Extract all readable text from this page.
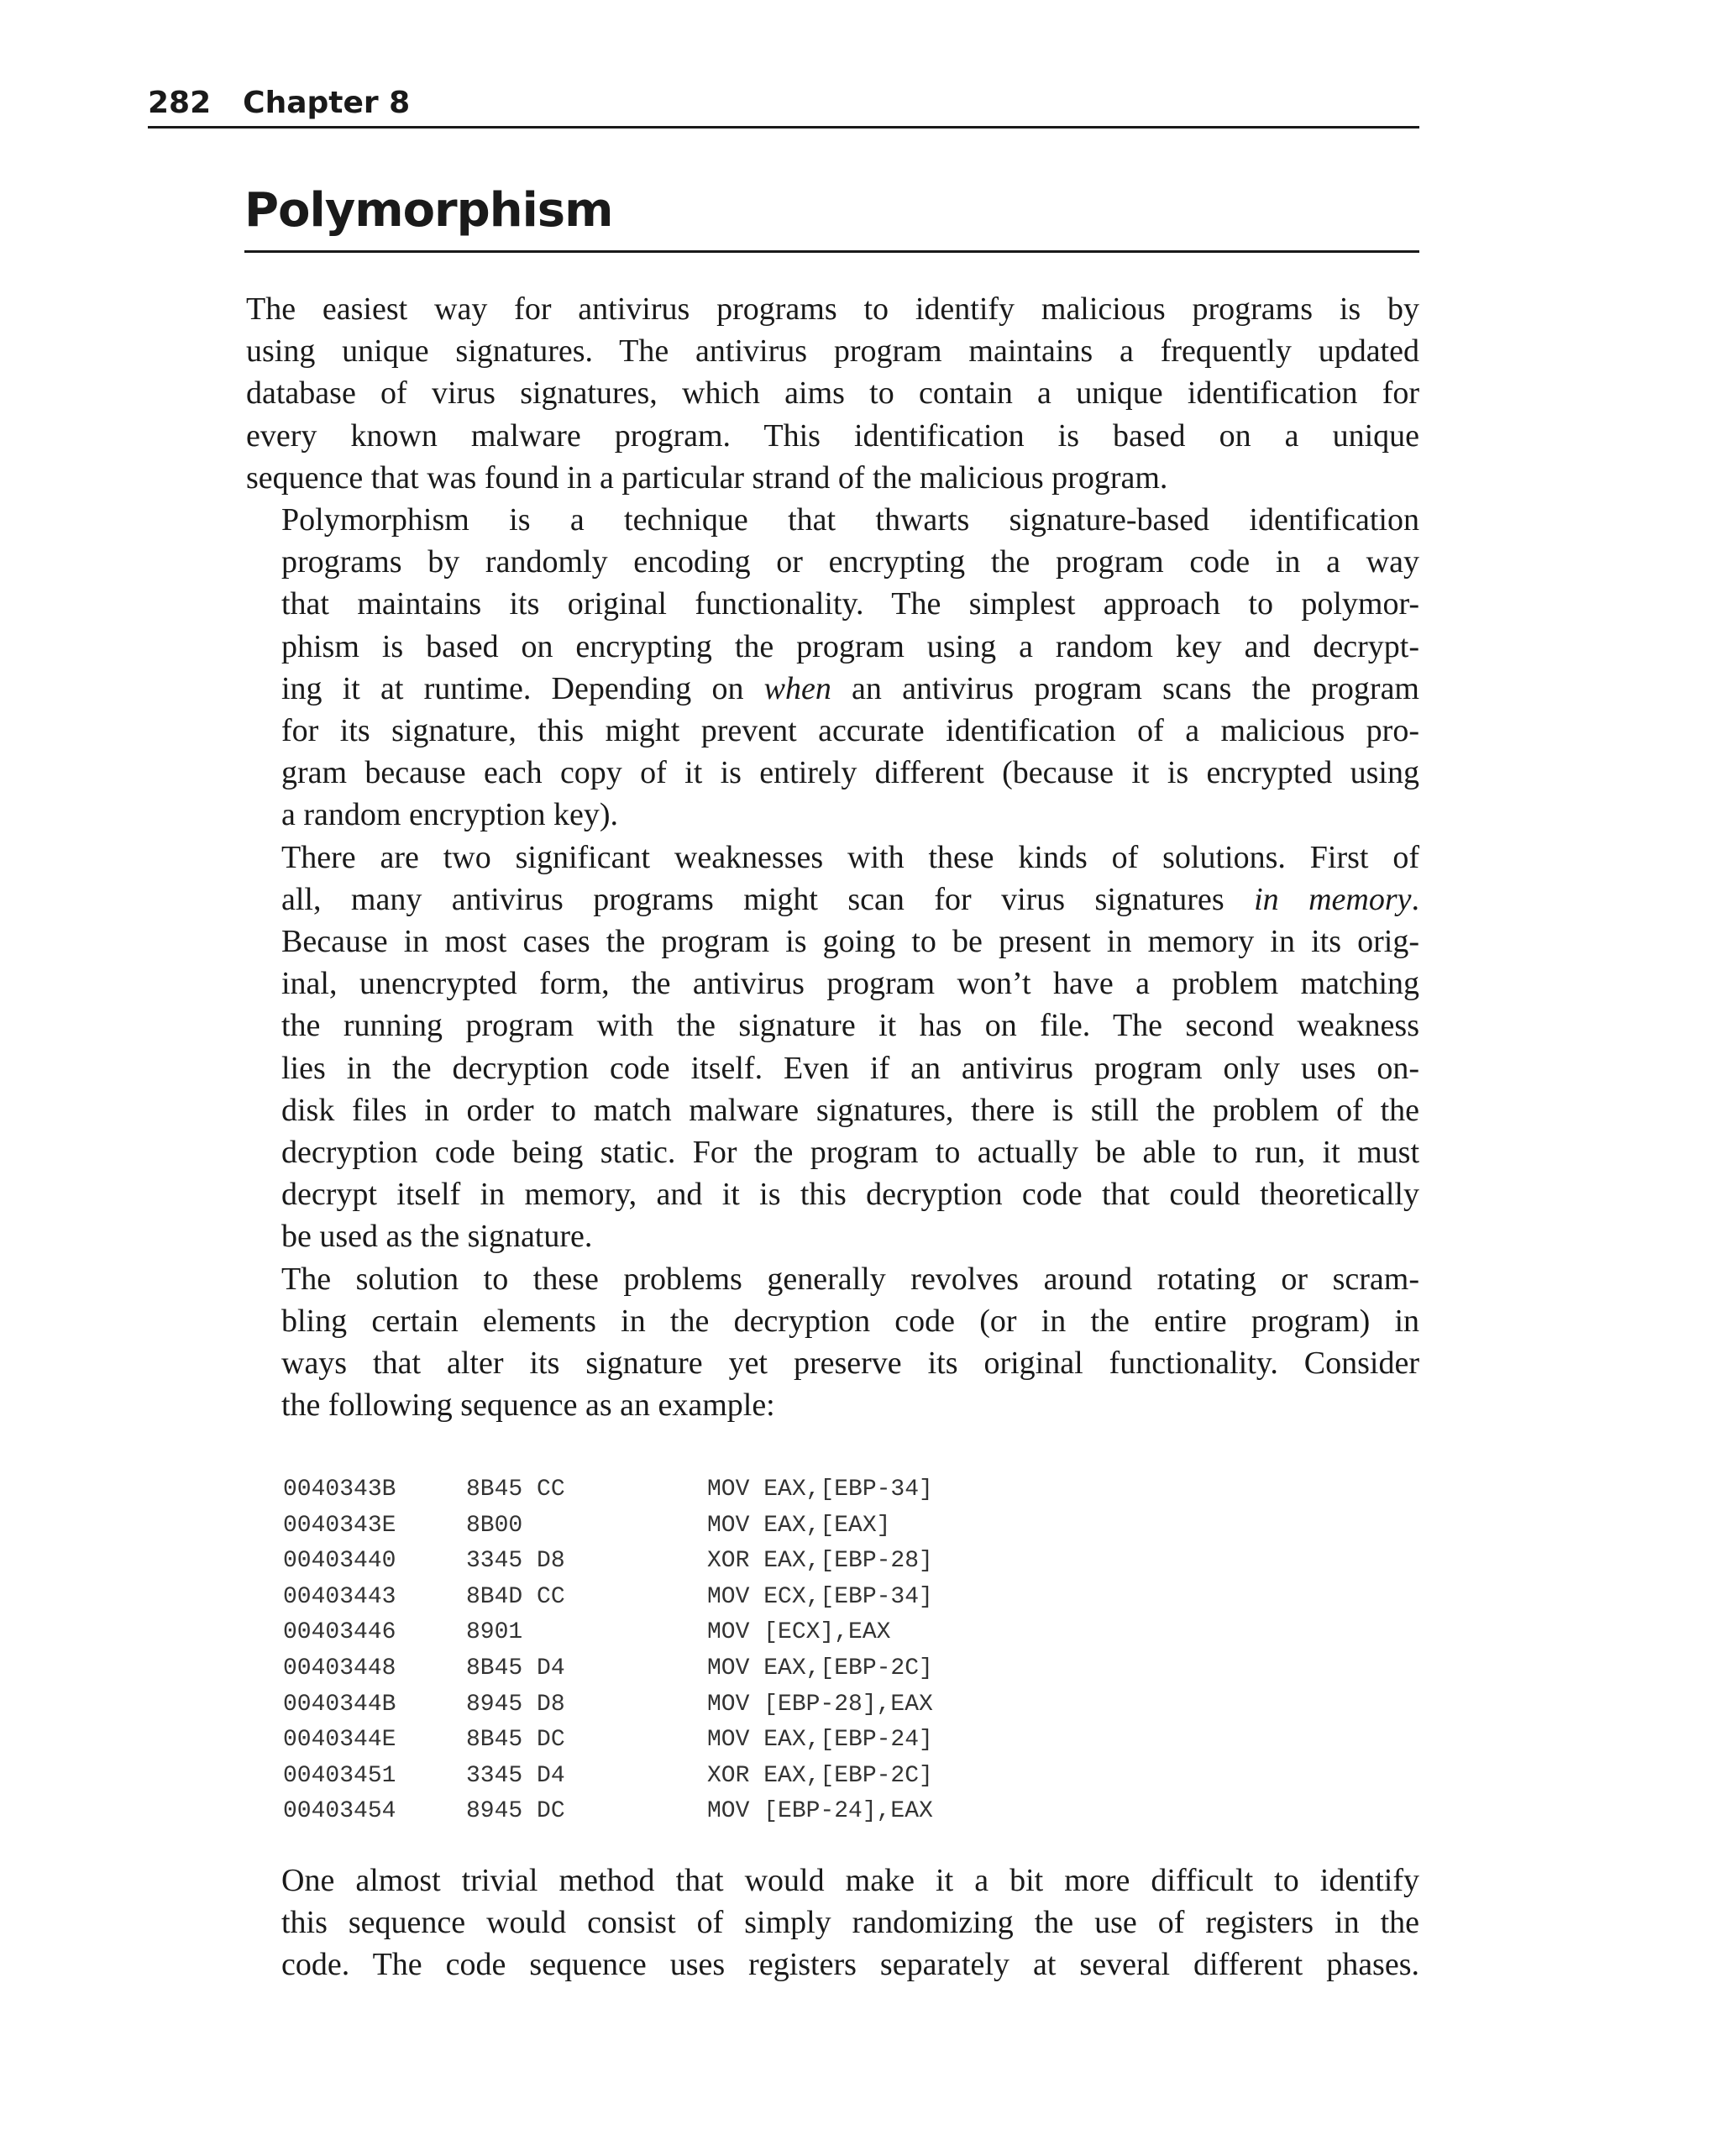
282 Chapter 8
Polymorphism

The easiest way for antivirus programs to identify malicious programs is by
using unique signatures. The antivirus program maintains a frequently updated
database of virus signatures, which aims to contain a unique identification for
every known malware program. This identification is based on a unique
sequence that was found in a particular strand of the malicious program.

Polymorphism is a technique that thwarts signature-based identification
programs by randomly encoding or encrypting the program code in a way
that maintains its original functionality. The simplest approach to polymor-
phism is based on encrypting the program using a random key and decrypt-
ing it at runtime. Depending on when an antivirus program scans the program
for its signature, this might prevent accurate identification of a malicious pro-
gram because each copy of it is entirely different (because it is encrypted using
a random encryption key).

There are two significant weaknesses with these kinds of solutions. First of
all, many antivirus programs might scan for virus signatures in memory.
Because in most cases the program is going to be present in memory in its orig-
inal, unencrypted form, the antivirus program won’t have a problem matching
the running program with the signature it has on file. The second weakness
lies in the decryption code itself. Even if an antivirus program only uses on-
disk files in order to match malware signatures, there is still the problem of the
decryption code being static. For the program to actually be able to run, it must
decrypt itself in memory, and it is this decryption code that could theoretically
be used as the signature.

The solution to these problems generally revolves around rotating or scram-
bling certain elements in the decryption code (or in the entire program) in
ways that alter its signature yet preserve its original functionality. Consider
the following sequence as an example:

0040343B	8B45 CC	MOV EAX,[EBP-34]
0040343E	8B00	MOV EAX,[EAX]
00403440	3345 D8	XOR EAX,[EBP-28]
00403443	8B4D CC	MOV ECX,[EBP-34]
00403446	8901	MOV [ECX],EAX
00403448	8B45 D4	MOV EAX,[EBP-2C]
0040344B	8945 D8	MOV [EBP-28],EAX
0040344E	8B45 DC	MOV EAX,[EBP-24]
00403451	3345 D4	XOR EAX,[EBP-2C]
00403454	8945 DC	MOV [EBP-24],EAX

One almost trivial method that would make it a bit more difficult to identify
this sequence would consist of simply randomizing the use of registers in the
code. The code sequence uses registers separately at several different phases.
